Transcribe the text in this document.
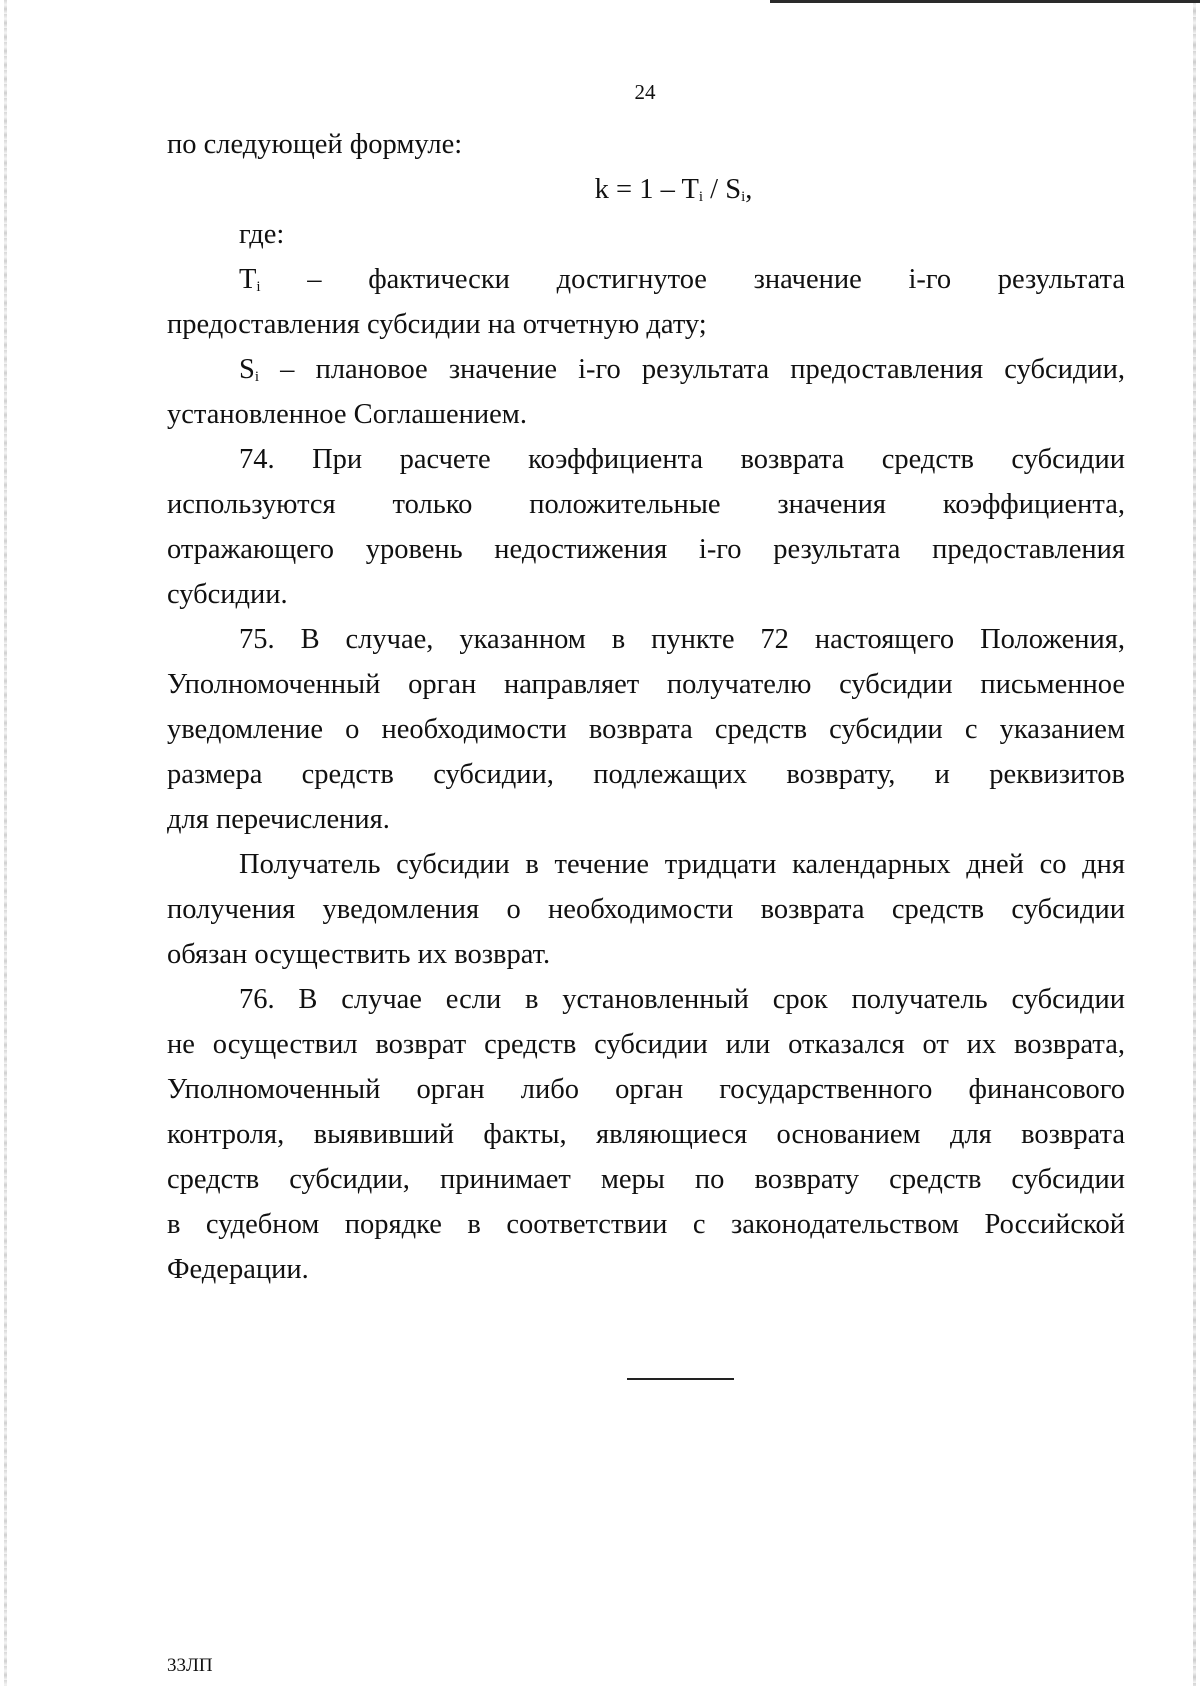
24
по следующей формуле:
$k = 1 - T_i / S_i$,
где:
$T_i$ – фактически достигнутое значение i-го результата
предоставления субсидии на отчетную дату;
$S_i$ – плановое значение i-го результата предоставления субсидии,
установленное Соглашением.
74. При расчете коэффициента возврата средств субсидии
используются только положительные значения коэффициента,
отражающего уровень недостижения i-го результата предоставления
субсидии.
75. В случае, указанном в пункте 72 настоящего Положения,
Уполномоченный орган направляет получателю субсидии письменное
уведомление о необходимости возврата средств субсидии с указанием
размера средств субсидии, подлежащих возврату, и реквизитов
для перечисления.
Получатель субсидии в течение тридцати календарных дней со дня
получения уведомления о необходимости возврата средств субсидии
обязан осуществить их возврат.
76. В случае если в установленный срок получатель субсидии
не осуществил возврат средств субсидии или отказался от их возврата,
Уполномоченный орган либо орган государственного финансового
контроля, выявивший факты, являющиеся основанием для возврата
средств субсидии, принимает меры по возврату средств субсидии
в судебном порядке в соответствии с законодательством Российской
Федерации.
33ЛП
